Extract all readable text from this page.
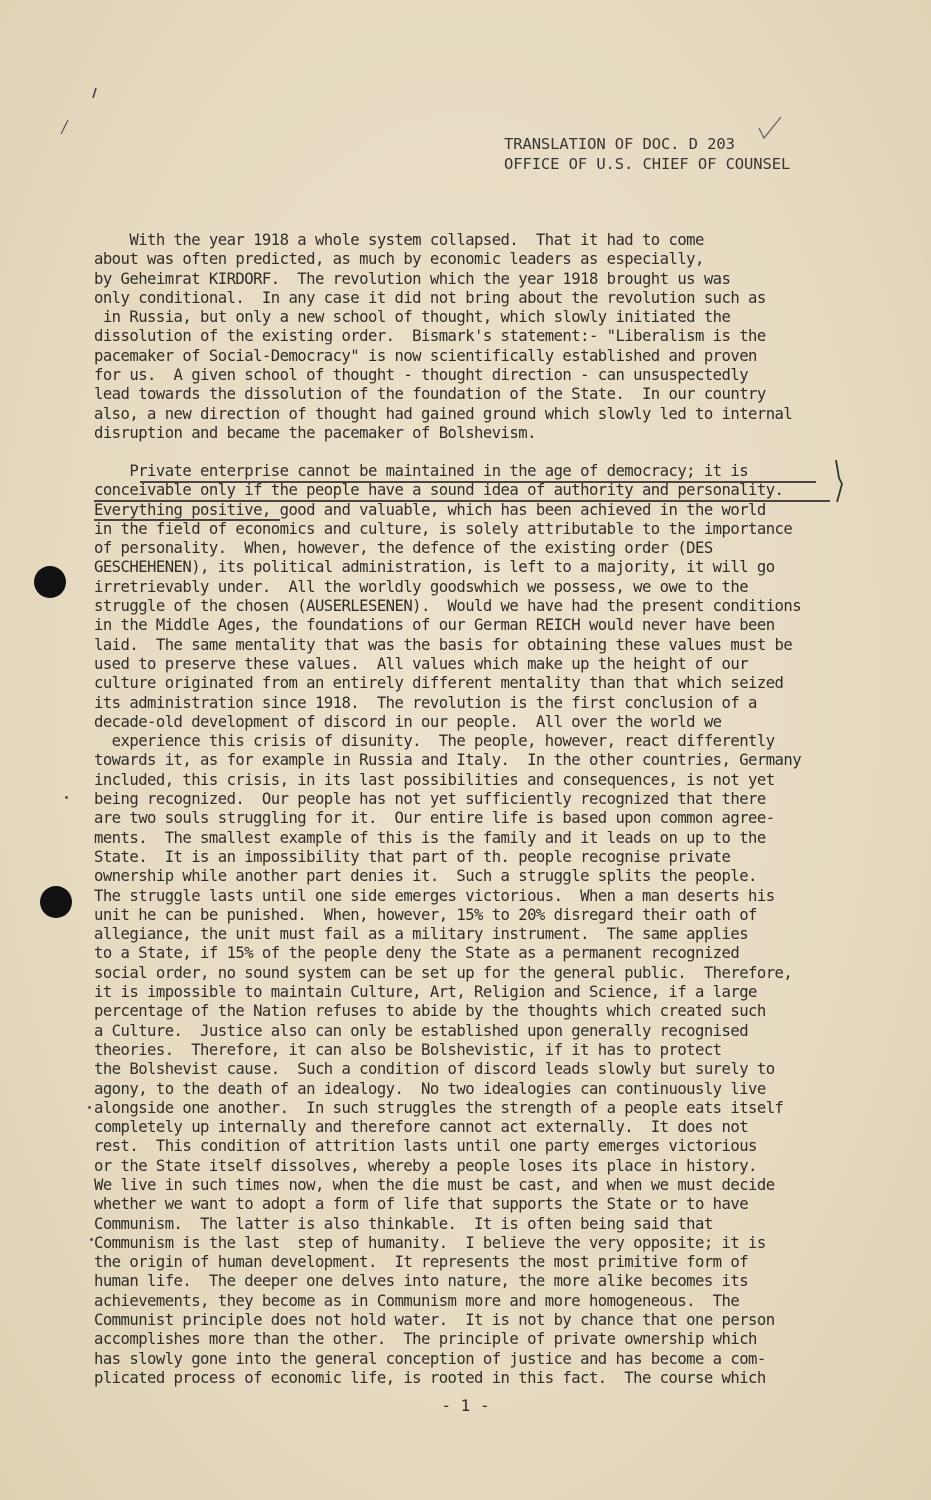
TRANSLATION OF DOC. D 203
OFFICE OF U.S. CHIEF OF COUNSEL
With the year 1918 a whole system collapsed.  That it had to come
about was often predicted, as much by economic leaders as especially,
by Geheimrat KIRDORF.  The revolution which the year 1918 brought us was
only conditional.  In any case it did not bring about the revolution such as
in Russia, but only a new school of thought, which slowly initiated the
dissolution of the existing order.  Bismark's statement:- "Liberalism is the
pacemaker of Social-Democracy" is now scientifically established and proven
for us.  A given school of thought - thought direction - can unsuspectedly
lead towards the dissolution of the foundation of the State.  In our country
also, a new direction of thought had gained ground which slowly led to internal
disruption and became the pacemaker of Bolshevism.
Private enterprise cannot be maintained in the age of democracy; it is
conceivable only if the people have a sound idea of authority and personality.
Everything positive, good and valuable, which has been achieved in the world
in the field of economics and culture, is solely attributable to the importance
of personality.  When, however, the defence of the existing order (DES
GESCHEHENEN), its political administration, is left to a majority, it will go
irretrievably under.  All the worldly goodswhich we possess, we owe to the
struggle of the chosen (AUSERLESENEN).  Would we have had the present conditions
in the Middle Ages, the foundations of our German REICH would never have been
laid.  The same mentality that was the basis for obtaining these values must be
used to preserve these values.  All values which make up the height of our
culture originated from an entirely different mentality than that which seized
its administration since 1918.  The revolution is the first conclusion of a
decade-old development of discord in our people.  All over the world we
experience this crisis of disunity.  The people, however, react differently
towards it, as for example in Russia and Italy.  In the other countries, Germany
included, this crisis, in its last possibilities and consequences, is not yet
being recognized.  Our people has not yet sufficiently recognized that there
are two souls struggling for it.  Our entire life is based upon common agree-
ments.  The smallest example of this is the family and it leads on up to the
State.  It is an impossibility that part of th. people recognise private
ownership while another part denies it.  Such a struggle splits the people.
The struggle lasts until one side emerges victorious.  When a man deserts his
unit he can be punished.  When, however, 15% to 20% disregard their oath of
allegiance, the unit must fail as a military instrument.  The same applies
to a State, if 15% of the people deny the State as a permanent recognized
social order, no sound system can be set up for the general public.  Therefore,
it is impossible to maintain Culture, Art, Religion and Science, if a large
percentage of the Nation refuses to abide by the thoughts which created such
a Culture.  Justice also can only be established upon generally recognised
theories.  Therefore, it can also be Bolshevistic, if it has to protect
the Bolshevist cause.  Such a condition of discord leads slowly but surely to
agony, to the death of an idealogy.  No two idealogies can continuously live
alongside one another.  In such struggles the strength of a people eats itself
completely up internally and therefore cannot act externally.  It does not
rest.  This condition of attrition lasts until one party emerges victorious
or the State itself dissolves, whereby a people loses its place in history.
We live in such times now, when the die must be cast, and when we must decide
whether we want to adopt a form of life that supports the State or to have
Communism.  The latter is also thinkable.  It is often being said that
Communism is the last  step of humanity.  I believe the very opposite; it is
the origin of human development.  It represents the most primitive form of
human life.  The deeper one delves into nature, the more alike becomes its
achievements, they become as in Communism more and more homogeneous.  The
Communist principle does not hold water.  It is not by chance that one person
accomplishes more than the other.  The principle of private ownership which
has slowly gone into the general conception of justice and has become a com-
plicated process of economic life, is rooted in this fact.  The course which
- 1 -
